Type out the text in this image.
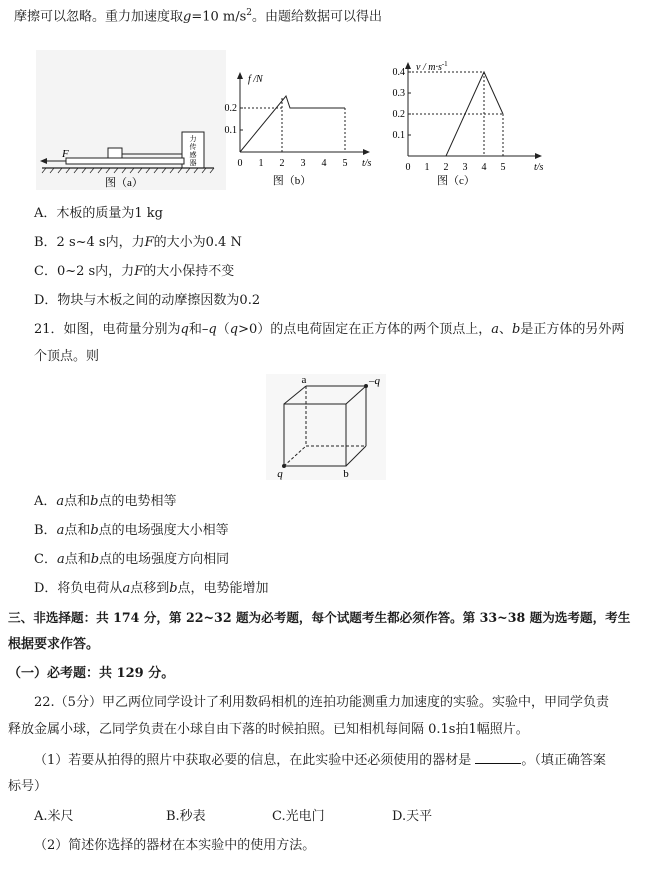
摩擦可以忽略。重力加速度取g=10 $m/s^2$。由题给数据可以得出
力
传
感
器
F
图（a）
f /N
t/s
0.2
0.1
0 1 2 3 4 5
图（b）
$v / m\cdot s^{-1}$
t/s
0.4
0.3
0.2
0.1
0 1 2 3 4 5
图（c）
A．木板的质量为1 kg
B．2 s~4 s内，力F的大小为0.4 N
C．0~2 s内，力F的大小保持不变
D．物块与木板之间的动摩擦因数为0.2
21．如图，电荷量分别为q和–q（q>0）的点电荷固定在正方体的两个顶点上，a、b是正方体的另外两
个顶点。则
a	–q
q	b
A．a点和b点的电势相等
B．a点和b点的电场强度大小相等
C．a点和b点的电场强度方向相同
D．将负电荷从a点移到b点，电势能增加
三、非选择题：共 174 分，第 22~32 题为必考题，每个试题考生都必须作答。第 33~38 题为选考题，考生
根据要求作答。
（一）必考题：共 129 分。
22.（5分）甲乙两位同学设计了利用数码相机的连拍功能测重力加速度的实验。实验中，甲同学负责
释放金属小球，乙同学负责在小球自由下落的时候拍照。已知相机每间隔 0.1s拍1幅照片。
（1）若要从拍得的照片中获取必要的信息，在此实验中还必须使用的器材是	。（填正确答案
标号）
A.米尺	B.秒表	C.光电门	D.天平
（2）简述你选择的器材在本实验中的使用方法。
